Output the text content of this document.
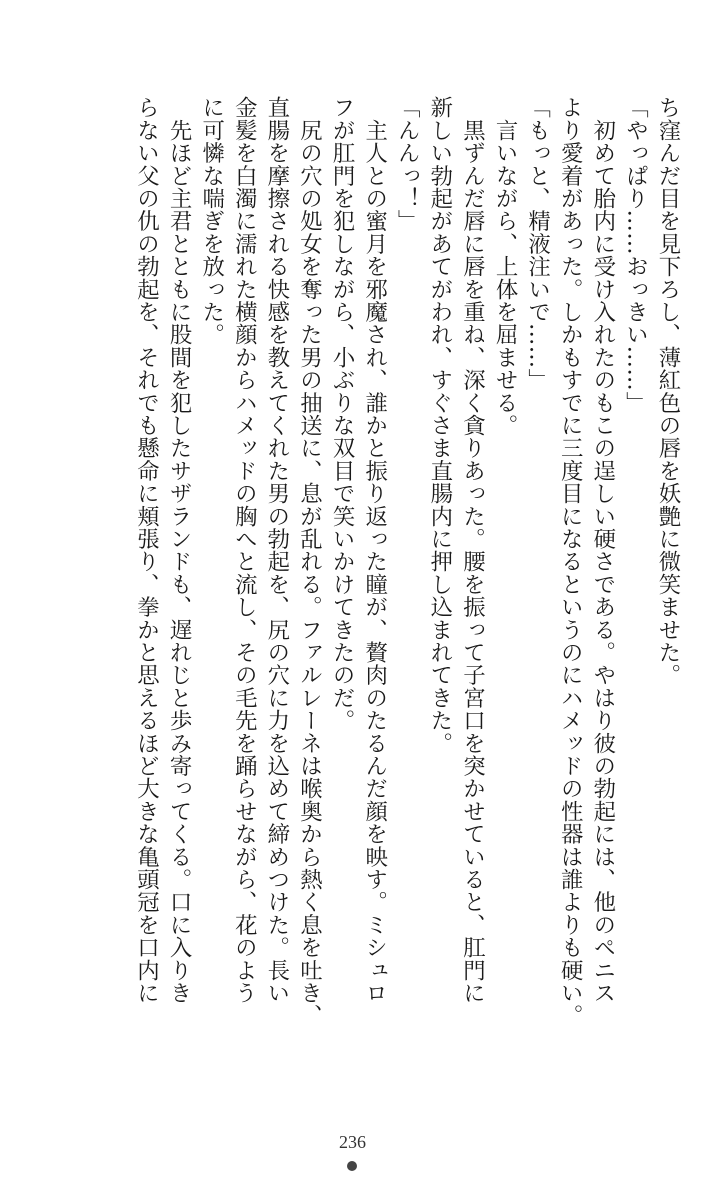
ち窪んだ目を見下ろし、薄紅色の唇を妖艶に微笑ませた。

「やっぱり……おっきい……」

　初めて胎内に受け入れたのもこの逞しい硬さである。やはり彼の勃起には、他のペニス

より愛着があった。しかもすでに三度目になるというのにハメッドの性器は誰よりも硬い。

「もっと、精液注いで……」

　言いながら、上体を屈ませる。

　黒ずんだ唇に唇を重ね、深く貪りあった。腰を振って子宮口を突かせていると、肛門に

新しい勃起があてがわれ、すぐさま直腸内に押し込まれてきた。

「んんっ！」

　主人との蜜月を邪魔され、誰かと振り返った瞳が、贅肉のたるんだ顔を映す。ミシュロ

フが肛門を犯しながら、小ぶりな双目で笑いかけてきたのだ。

　尻の穴の処女を奪った男の抽送に、息が乱れる。ファルレーネは喉奥から熱く息を吐き、

直腸を摩擦される快感を教えてくれた男の勃起を、尻の穴に力を込めて締めつけた。長い

金髪を白濁に濡れた横顔からハメッドの胸へと流し、その毛先を踊らせながら、花のよう

に可憐な喘ぎを放った。

　先ほど主君とともに股間を犯したサザランドも、遅れじと歩み寄ってくる。口に入りき

らない父の仇の勃起を、それでも懸命に頬張り、拳かと思えるほど大きな亀頭冠を口内に

236
